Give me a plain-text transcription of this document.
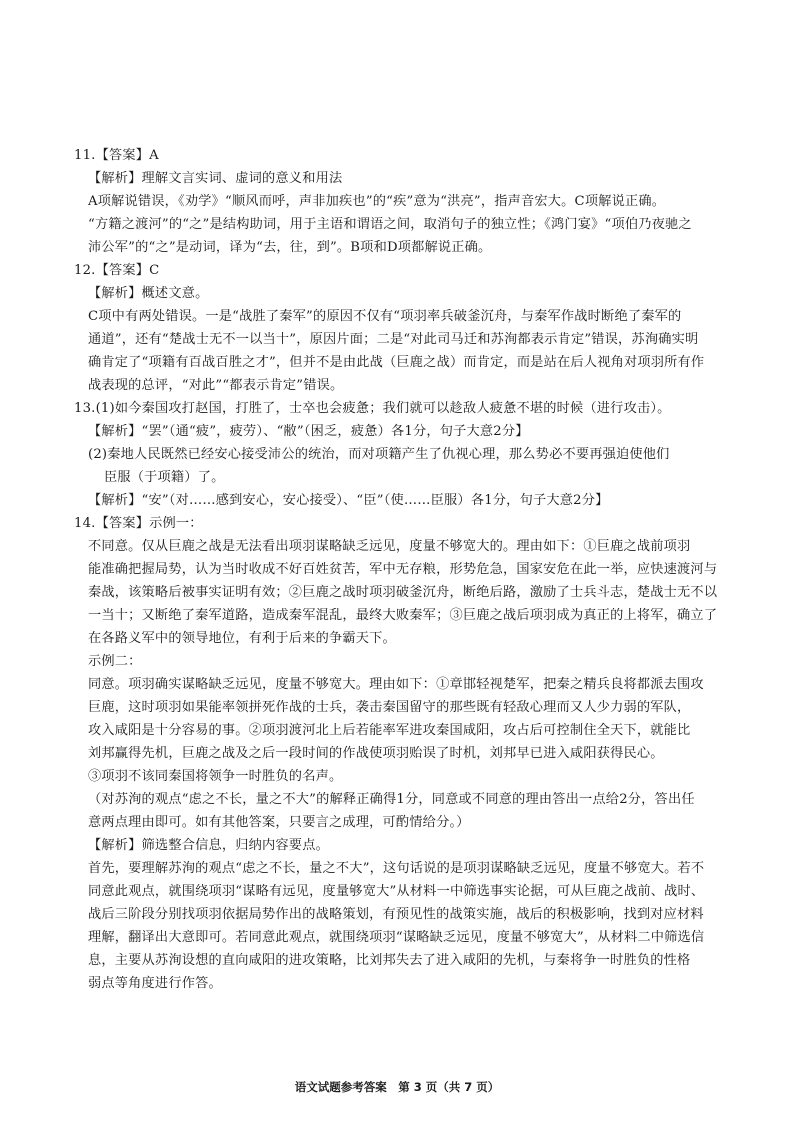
11.【答案】A
【解析】理解文言实词、虚词的意义和用法
A项解说错误，《劝学》“顺风而呼，声非加疾也”的“疾”意为“洪亮”，指声音宏大。C项解说正确。
“方籍之渡河”的“之”是结构助词，用于主语和谓语之间，取消句子的独立性；《鸿门宴》“项伯乃夜驰之
沛公军”的“之”是动词，译为“去，往，到”。B项和D项都解说正确。
12.【答案】C
【解析】概述文意。
C项中有两处错误。一是“战胜了秦军”的原因不仅有“项羽率兵破釜沉舟，与秦军作战时断绝了秦军的
通道”，还有“楚战士无不一以当十”，原因片面；二是“对此司马迁和苏洵都表示肯定”错误，苏洵确实明
确肯定了“项籍有百战百胜之才”，但并不是由此战（巨鹿之战）而肯定，而是站在后人视角对项羽所有作
战表现的总评，“对此”“都表示肯定”错误。
13.(1)如今秦国攻打赵国，打胜了，士卒也会疲惫；我们就可以趁敌人疲惫不堪的时候（进行攻击）。
【解析】“罢”（通“疲”，疲劳）、“敝”（困乏，疲惫）各1分，句子大意2分】
(2)秦地人民既然已经安心接受沛公的统治，而对项籍产生了仇视心理，那么势必不要再强迫使他们
臣服（于项籍）了。
【解析】“安”（对……感到安心，安心接受）、“臣”（使……臣服）各1分，句子大意2分】
14.【答案】示例一：
不同意。仅从巨鹿之战是无法看出项羽谋略缺乏远见，度量不够宽大的。理由如下：①巨鹿之战前项羽
能准确把握局势，认为当时收成不好百姓贫苦，军中无存粮，形势危急，国家安危在此一举，应快速渡河与
秦战，该策略后被事实证明有效；②巨鹿之战时项羽破釜沉舟，断绝后路，激励了士兵斗志，楚战士无不以
一当十；又断绝了秦军道路，造成秦军混乱，最终大败秦军；③巨鹿之战后项羽成为真正的上将军，确立了
在各路义军中的领导地位，有利于后来的争霸天下。
示例二：
同意。项羽确实谋略缺乏远见，度量不够宽大。理由如下：①章邯轻视楚军，把秦之精兵良将都派去围攻
巨鹿，这时项羽如果能率领拼死作战的士兵，袭击秦国留守的那些既有轻敌心理而又人少力弱的军队，
攻入咸阳是十分容易的事。②项羽渡河北上后若能率军进攻秦国咸阳，攻占后可控制住全天下，就能比
刘邦赢得先机，巨鹿之战及之后一段时间的作战使项羽贻误了时机，刘邦早已进入咸阳获得民心。
③项羽不该同秦国将领争一时胜负的名声。
（对苏洵的观点“虑之不长，量之不大”的解释正确得1分，同意或不同意的理由答出一点给2分，答出任
意两点理由即可。如有其他答案，只要言之成理，可酌情给分。）
【解析】筛选整合信息，归纳内容要点。
首先，要理解苏洵的观点“虑之不长，量之不大”，这句话说的是项羽谋略缺乏远见，度量不够宽大。若不
同意此观点，就围绕项羽“谋略有远见，度量够宽大”从材料一中筛选事实论据，可从巨鹿之战前、战时、
战后三阶段分别找项羽依据局势作出的战略策划，有预见性的战策实施，战后的积极影响，找到对应材料
理解，翻译出大意即可。若同意此观点，就围绕项羽“谋略缺乏远见，度量不够宽大”，从材料二中筛选信
息，主要从苏洵设想的直向咸阳的进攻策略，比刘邦失去了进入咸阳的先机，与秦将争一时胜负的性格
弱点等角度进行作答。
语文试题参考答案　第 3 页（共 7 页）
